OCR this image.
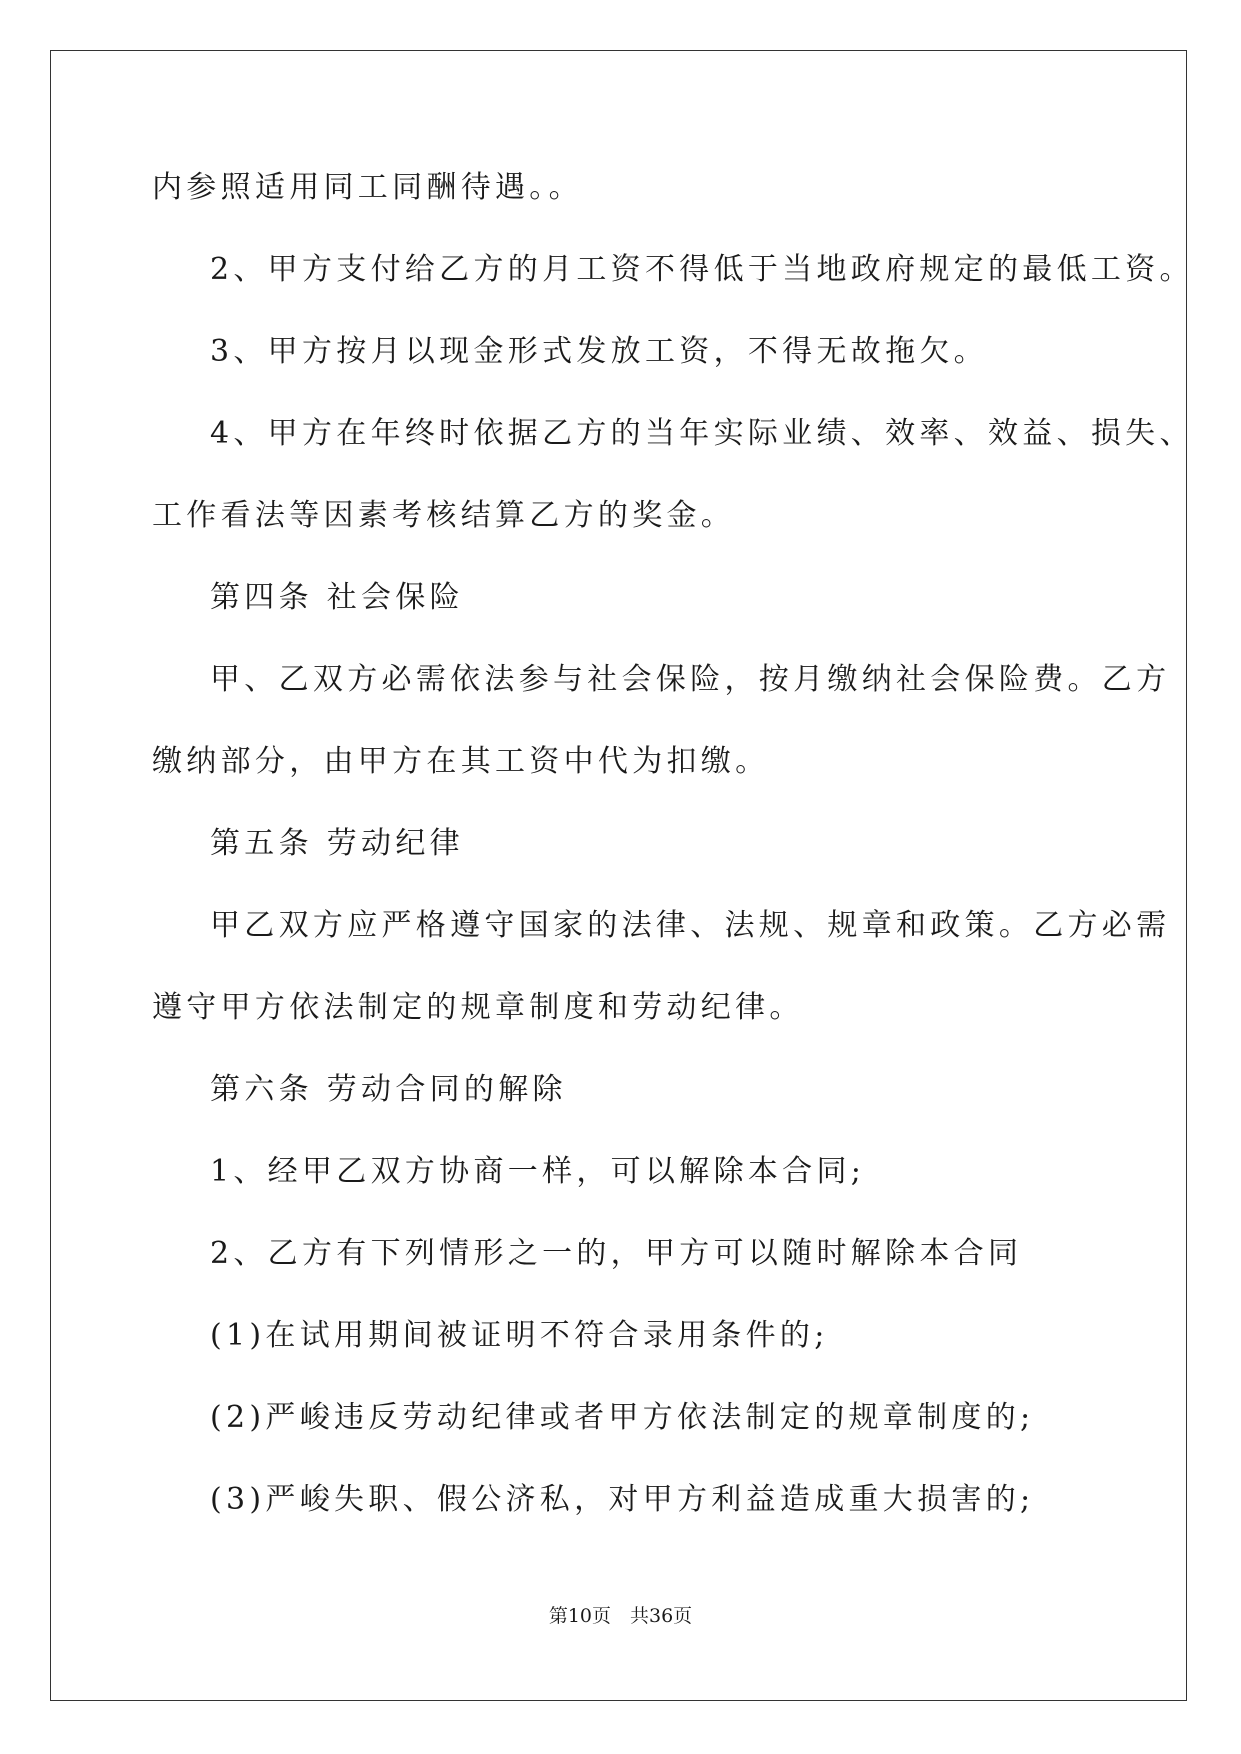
内参照适用同工同酬待遇。。
2、甲方支付给乙方的月工资不得低于当地政府规定的最低工资。
3、甲方按月以现金形式发放工资，不得无故拖欠。
4、甲方在年终时依据乙方的当年实际业绩、效率、效益、损失、
工作看法等因素考核结算乙方的奖金。
第四条 社会保险
甲、乙双方必需依法参与社会保险，按月缴纳社会保险费。乙方
缴纳部分，由甲方在其工资中代为扣缴。
第五条 劳动纪律
甲乙双方应严格遵守国家的法律、法规、规章和政策。乙方必需
遵守甲方依法制定的规章制度和劳动纪律。
第六条 劳动合同的解除
1、经甲乙双方协商一样，可以解除本合同;
2、乙方有下列情形之一的，甲方可以随时解除本合同
(1)在试用期间被证明不符合录用条件的;
(2)严峻违反劳动纪律或者甲方依法制定的规章制度的;
(3)严峻失职、假公济私，对甲方利益造成重大损害的;
第10页　共36页
